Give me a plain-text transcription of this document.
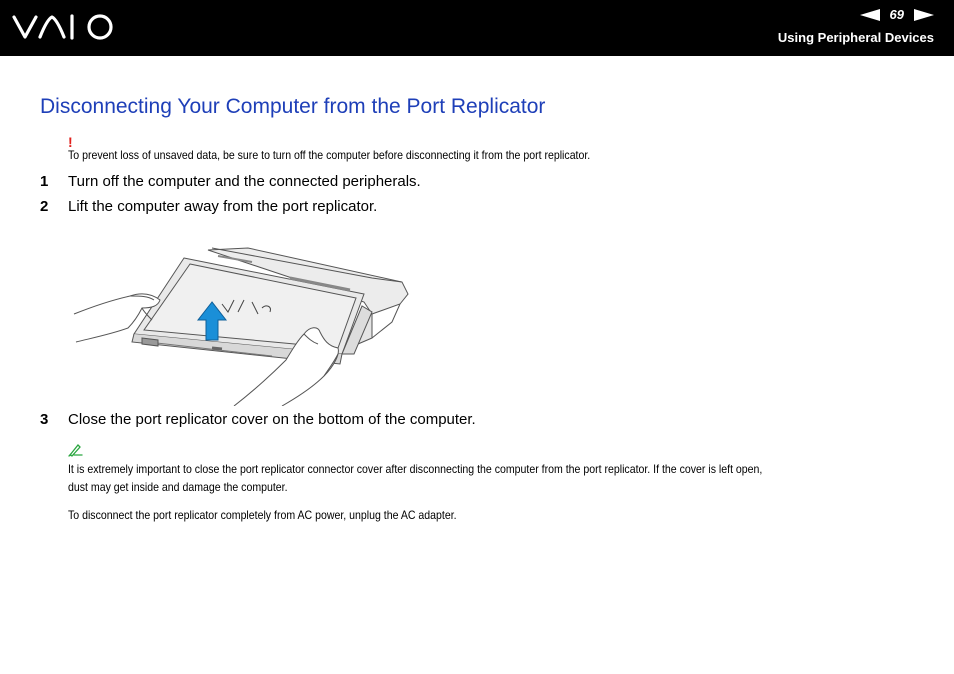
69
Using Peripheral Devices
Disconnecting Your Computer from the Port Replicator
!
To prevent loss of unsaved data, be sure to turn off the computer before disconnecting it from the port replicator.
1 Turn off the computer and the connected peripherals.
2 Lift the computer away from the port replicator.
3 Close the port replicator cover on the bottom of the computer.
It is extremely important to close the port replicator connector cover after disconnecting the computer from the port replicator. If the cover is left open,
dust may get inside and damage the computer.
To disconnect the port replicator completely from AC power, unplug the AC adapter.
